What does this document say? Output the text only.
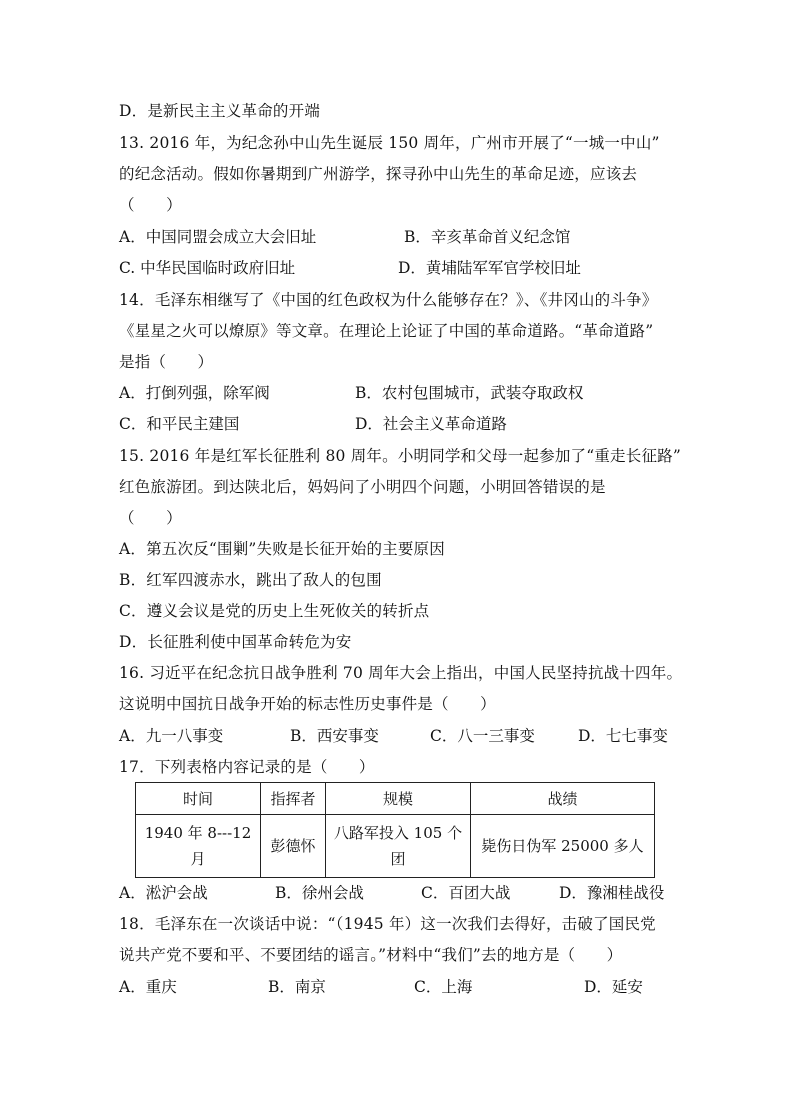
D．是新民主主义革命的开端
13. 2016 年，为纪念孙中山先生诞辰 150 周年，广州市开展了“一城一中山”
的纪念活动。假如你暑期到广州游学，探寻孙中山先生的革命足迹，应该去
（　　）
A．中国同盟会成立大会旧址	B．辛亥革命首义纪念馆
C. 中华民国临时政府旧址	D．黄埔陆军军官学校旧址
14．毛泽东相继写了《中国的红色政权为什么能够存在？》、《井冈山的斗争》
《星星之火可以燎原》等文章。在理论上论证了中国的革命道路。“革命道路”
是指（　　）
A．打倒列强，除军阀	B．农村包围城市，武装夺取政权
C．和平民主建国	D．社会主义革命道路
15. 2016 年是红军长征胜利 80 周年。小明同学和父母一起参加了“重走长征路”
红色旅游团。到达陕北后，妈妈问了小明四个问题，小明回答错误的是
（　　）
A．第五次反“围剿”失败是长征开始的主要原因
B．红军四渡赤水，跳出了敌人的包围
C．遵义会议是党的历史上生死攸关的转折点
D．长征胜利使中国革命转危为安
16. 习近平在纪念抗日战争胜利 70 周年大会上指出，中国人民坚持抗战十四年。
这说明中国抗日战争开始的标志性历史事件是（　　）
A．九一八事变	B．西安事变	C．八一三事变	D．七七事变
17．下列表格内容记录的是（　　）
时间	指挥者	规模	战绩
1940 年 8---12月	彭德怀	八路军投入 105 个团	毙伤日伪军 25000 多人
A．淞沪会战	B．徐州会战	C．百团大战	D．豫湘桂战役
18．毛泽东在一次谈话中说：“（1945 年）这一次我们去得好，击破了国民党
说共产党不要和平、不要团结的谣言。”材料中“我们”去的地方是（　　）
A．重庆	B．南京	C．上海	D．延安
